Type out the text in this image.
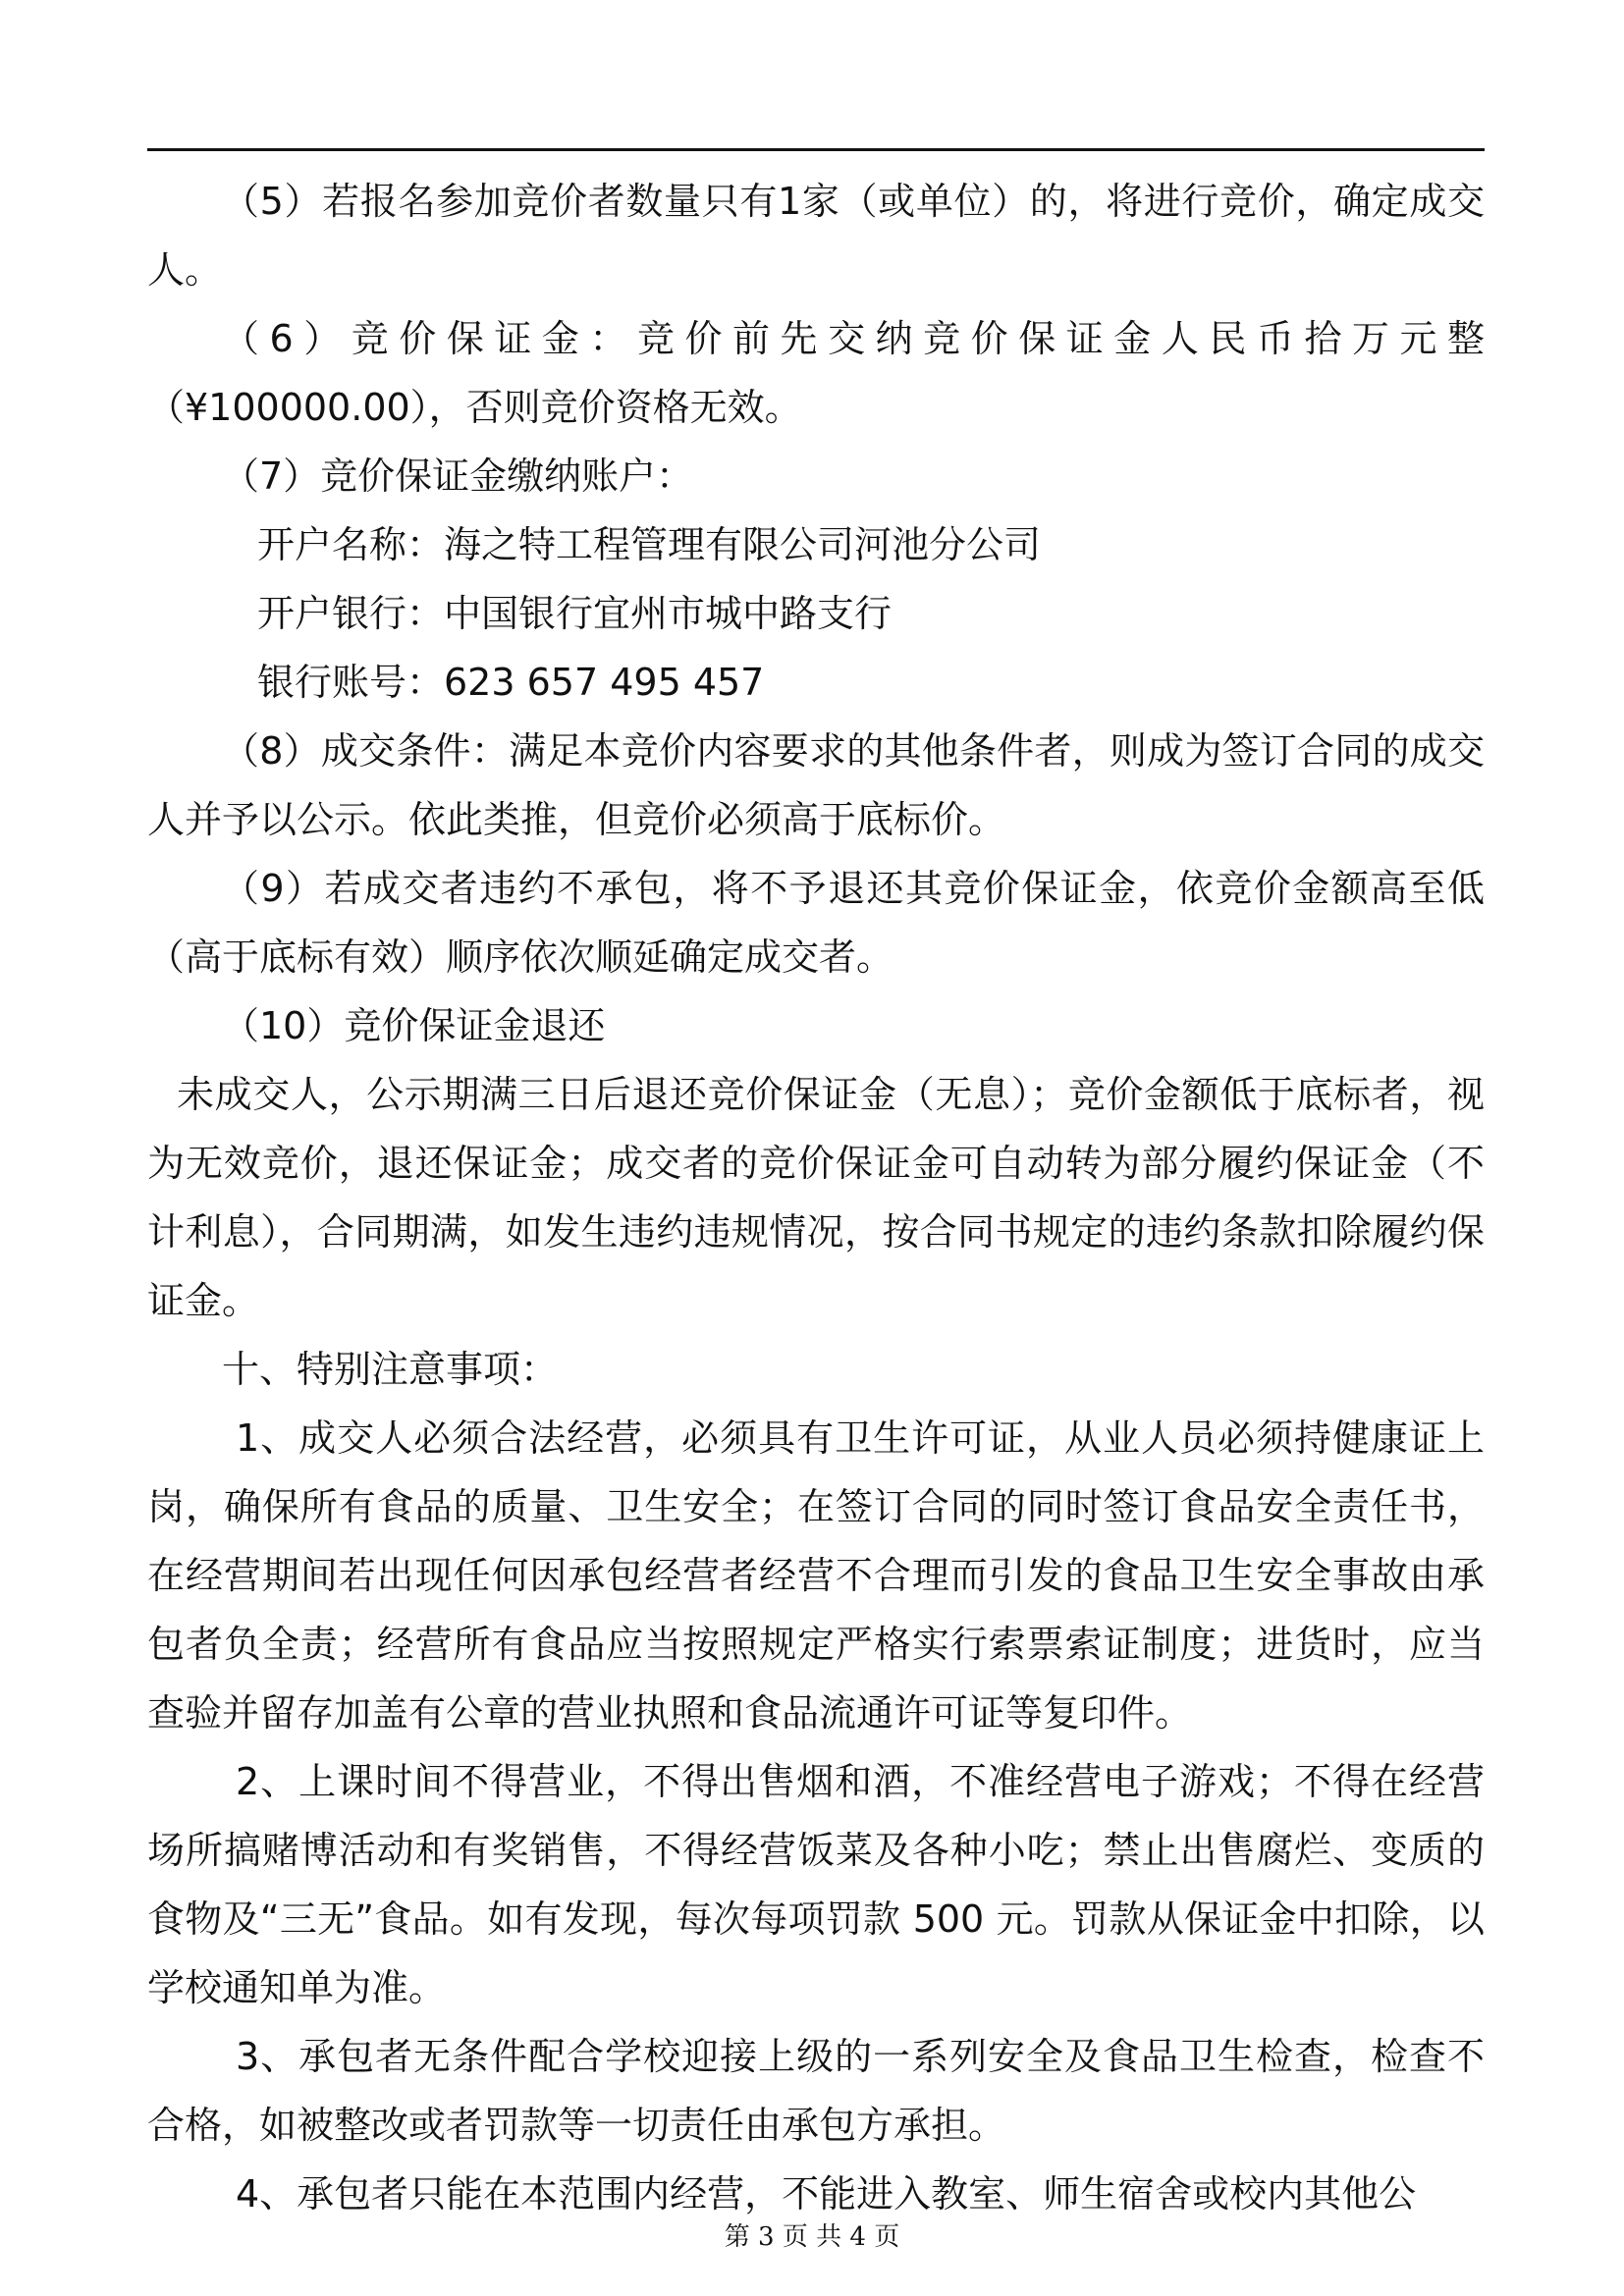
（5）若报名参加竞价者数量只有1家（或单位）的，将进行竞价，确定成交人。

（6）竞价保证金：竞价前先交纳竞价保证金人民币拾万元整（¥100000.00），否则竞价资格无效。

（7）竞价保证金缴纳账户：

开户名称：海之特工程管理有限公司河池分公司

开户银行：中国银行宜州市城中路支行

银行账号：623 657 495 457

（8）成交条件：满足本竞价内容要求的其他条件者，则成为签订合同的成交人并予以公示。依此类推，但竞价必须高于底标价。

（9）若成交者违约不承包，将不予退还其竞价保证金，依竞价金额高至低（高于底标有效）顺序依次顺延确定成交者。

（10）竞价保证金退还

未成交人，公示期满三日后退还竞价保证金（无息）；竞价金额低于底标者，视为无效竞价，退还保证金；成交者的竞价保证金可自动转为部分履约保证金（不计利息），合同期满，如发生违约违规情况，按合同书规定的违约条款扣除履约保证金。

十、特别注意事项：

1、成交人必须合法经营，必须具有卫生许可证，从业人员必须持健康证上岗，确保所有食品的质量、卫生安全；在签订合同的同时签订食品安全责任书，在经营期间若出现任何因承包经营者经营不合理而引发的食品卫生安全事故由承包者负全责；经营所有食品应当按照规定严格实行索票索证制度；进货时，应当查验并留存加盖有公章的营业执照和食品流通许可证等复印件。

2、上课时间不得营业，不得出售烟和酒，不准经营电子游戏；不得在经营场所搞赌博活动和有奖销售，不得经营饭菜及各种小吃；禁止出售腐烂、变质的食物及“三无”食品。如有发现，每次每项罚款 500 元。罚款从保证金中扣除，以学校通知单为准。

3、承包者无条件配合学校迎接上级的一系列安全及食品卫生检查，检查不合格，如被整改或者罚款等一切责任由承包方承担。

4、承包者只能在本范围内经营，不能进入教室、师生宿舍或校内其他公

第 3 页 共 4 页
